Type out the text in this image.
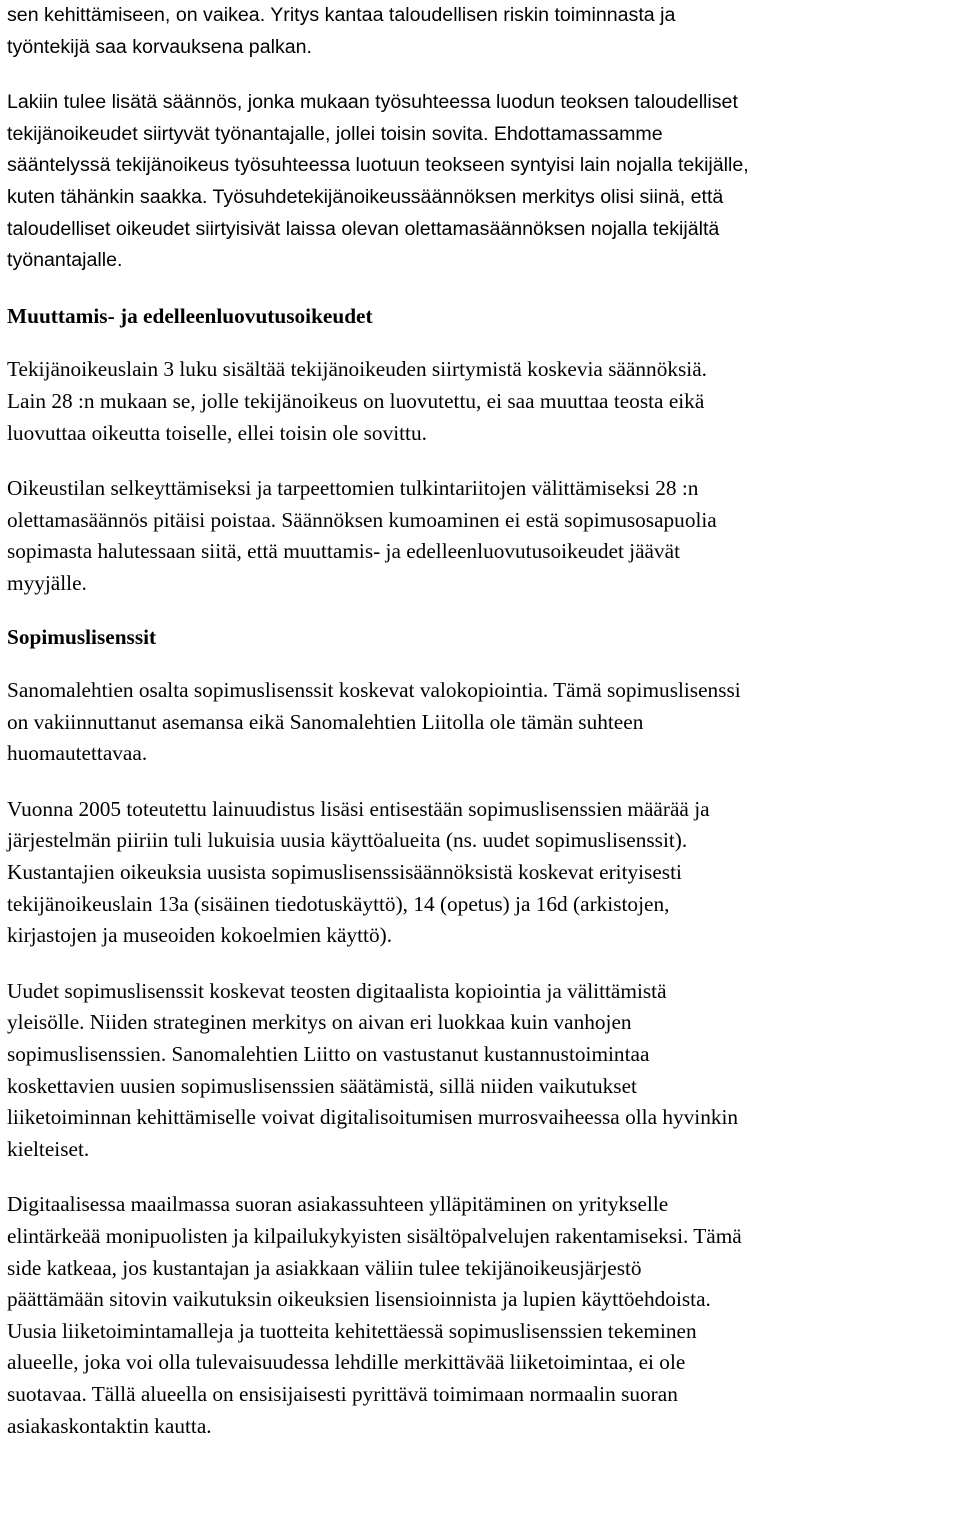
sen kehittämiseen, on vaikea. Yritys kantaa taloudellisen riskin toiminnasta ja
työntekijä saa korvauksena palkan.
Lakiin tulee lisätä säännös, jonka mukaan työsuhteessa luodun teoksen taloudelliset
tekijänoikeudet siirtyvät työnantajalle, jollei toisin sovita. Ehdottamassamme
sääntelyssä tekijänoikeus työsuhteessa luotuun teokseen syntyisi lain nojalla tekijälle,
kuten tähänkin saakka. Työsuhdetekijänoikeussäännöksen merkitys olisi siinä, että
taloudelliset oikeudet siirtyisivät laissa olevan olettamasäännöksen nojalla tekijältä
työnantajalle.
Muuttamis- ja edelleenluovutusoikeudet
Tekijänoikeuslain 3 luku sisältää tekijänoikeuden siirtymistä koskevia säännöksiä.
Lain 28 :n mukaan se, jolle tekijänoikeus on luovutettu, ei saa muuttaa teosta eikä
luovuttaa oikeutta toiselle, ellei toisin ole sovittu.
Oikeustilan selkeyttämiseksi ja tarpeettomien tulkintariitojen välittämiseksi 28 :n
olettamasäännös pitäisi poistaa. Säännöksen kumoaminen ei estä sopimusosapuolia
sopimasta halutessaan siitä, että muuttamis- ja edelleenluovutusoikeudet jäävät
myyjälle.
Sopimuslisenssit
Sanomalehtien osalta sopimuslisenssit koskevat valokopiointia. Tämä sopimuslisenssi
on vakiinnuttanut asemansa eikä Sanomalehtien Liitolla ole tämän suhteen
huomautettavaa.
Vuonna 2005 toteutettu lainuudistus lisäsi entisestään sopimuslisenssien määrää ja
järjestelmän piiriin tuli lukuisia uusia käyttöalueita (ns. uudet sopimuslisenssit).
Kustantajien oikeuksia uusista sopimuslisenssisäännöksistä koskevat erityisesti
tekijänoikeuslain 13a (sisäinen tiedotuskäyttö), 14 (opetus) ja 16d (arkistojen,
kirjastojen ja museoiden kokoelmien käyttö).
Uudet sopimuslisenssit koskevat teosten digitaalista kopiointia ja välittämistä
yleisölle. Niiden strateginen merkitys on aivan eri luokkaa kuin vanhojen
sopimuslisenssien. Sanomalehtien Liitto on vastustanut kustannustoimintaa
koskettavien uusien sopimuslisenssien säätämistä, sillä niiden vaikutukset
liiketoiminnan kehittämiselle voivat digitalisoitumisen murrosvaiheessa olla hyvinkin
kielteiset.
Digitaalisessa maailmassa suoran asiakassuhteen ylläpitäminen on yritykselle
elintärkeää monipuolisten ja kilpailukykyisten sisältöpalvelujen rakentamiseksi. Tämä
side katkeaa, jos kustantajan ja asiakkaan väliin tulee tekijänoikeusjärjestö
päättämään sitovin vaikutuksin oikeuksien lisensioinnista ja lupien käyttöehdoista.
Uusia liiketoimintamalleja ja tuotteita kehitettäessä sopimuslisenssien tekeminen
alueelle, joka voi olla tulevaisuudessa lehdille merkittävää liiketoimintaa, ei ole
suotavaa. Tällä alueella on ensisijaisesti pyrittävä toimimaan normaalin suoran
asiakaskontaktin kautta.
